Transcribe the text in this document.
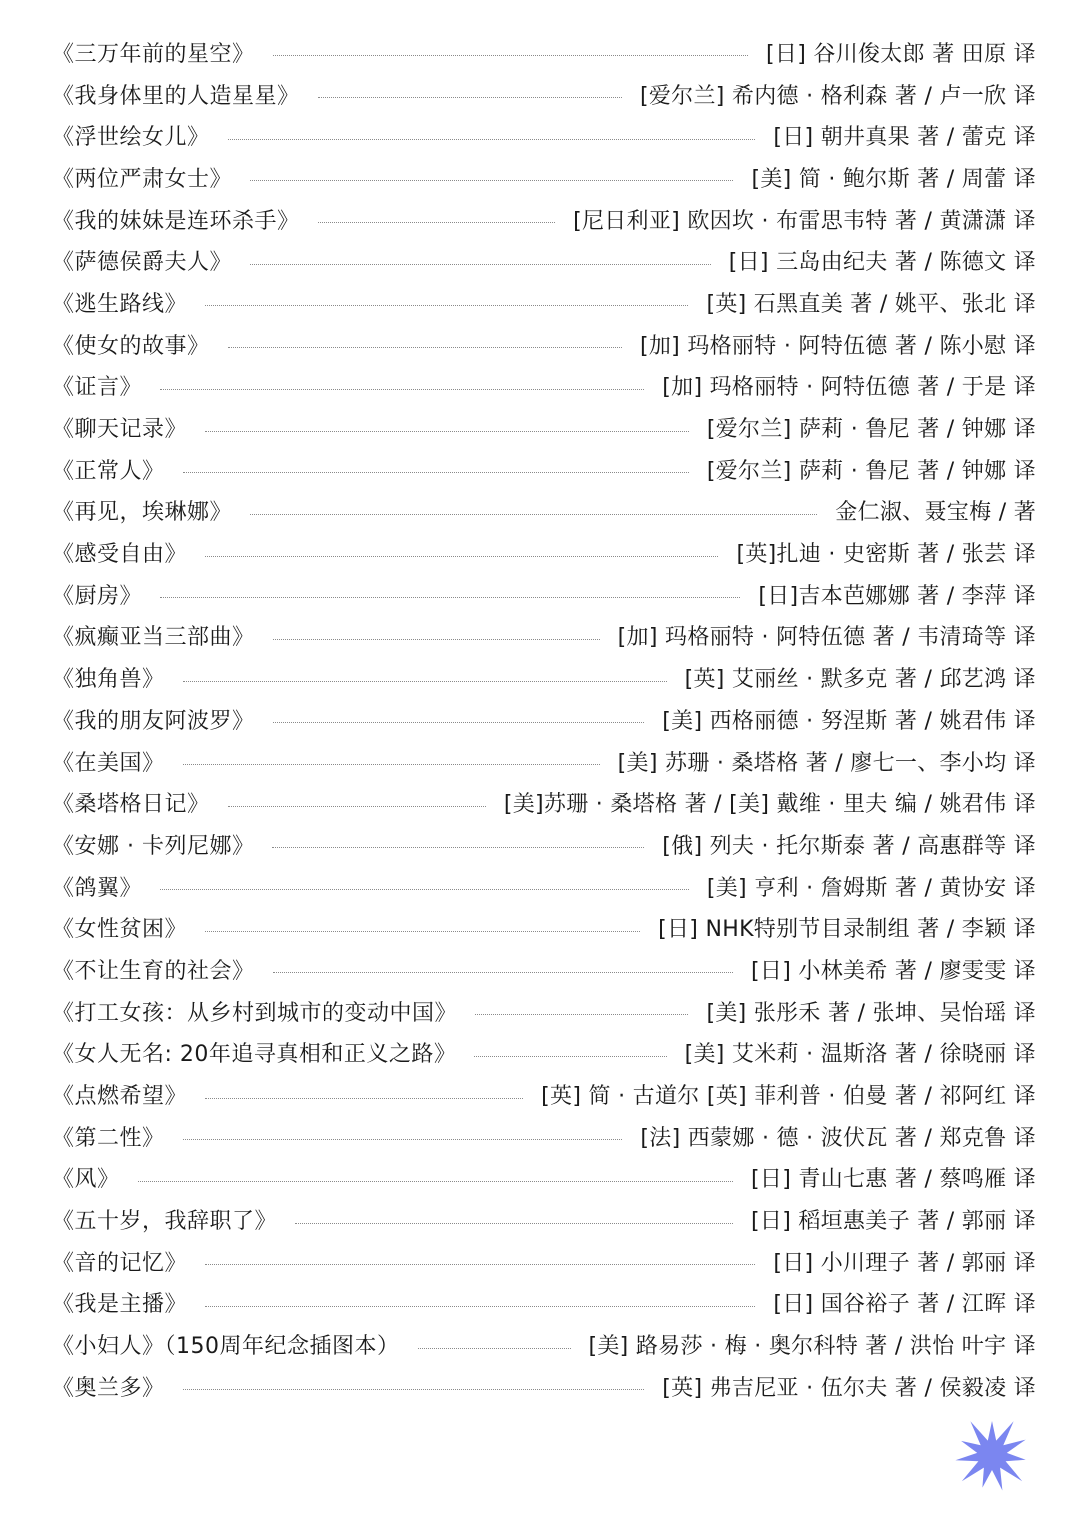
《三万年前的星空》	[日] 谷川俊太郎 著 田原 译
《我身体里的人造星星》	[爱尔兰] 希内德 · 格利森 著 / 卢一欣 译
《浮世绘女儿》	[日] 朝井真果 著 / 蕾克 译
《两位严肃女士》	[美] 简 · 鲍尔斯 著 / 周蕾 译
《我的妹妹是连环杀手》	[尼日利亚] 欧因坎 · 布雷思韦特 著 / 黄潇潇 译
《萨德侯爵夫人》	[日] 三岛由纪夫 著 / 陈德文 译
《逃生路线》	[英] 石黑直美 著 / 姚平、张北 译
《使女的故事》	[加] 玛格丽特 · 阿特伍德 著 / 陈小慰 译
《证言》	[加] 玛格丽特 · 阿特伍德 著 / 于是 译
《聊天记录》	[爱尔兰] 萨莉 · 鲁尼 著 / 钟娜 译
《正常人》	[爱尔兰] 萨莉 · 鲁尼 著 / 钟娜 译
《再见，埃琳娜》	金仁淑、聂宝梅 / 著
《感受自由》	[英]扎迪 · 史密斯 著 / 张芸 译
《厨房》	[日]吉本芭娜娜 著 / 李萍 译
《疯癫亚当三部曲》	[加] 玛格丽特 · 阿特伍德 著 / 韦清琦等 译
《独角兽》	[英] 艾丽丝 · 默多克 著 / 邱艺鸿 译
《我的朋友阿波罗》	[美] 西格丽德 · 努涅斯 著 / 姚君伟 译
《在美国》	[美] 苏珊 · 桑塔格 著 / 廖七一、李小均 译
《桑塔格日记》	[美]苏珊 · 桑塔格 著 / [美] 戴维 · 里夫 编 / 姚君伟 译
《安娜 · 卡列尼娜》	[俄] 列夫 · 托尔斯泰 著 / 高惠群等 译
《鸽翼》	[美] 亨利 · 詹姆斯 著 / 黄协安 译
《女性贫困》	[日] NHK特别节目录制组 著 / 李颖 译
《不让生育的社会》	[日] 小林美希 著 / 廖雯雯 译
《打工女孩：从乡村到城市的变动中国》	[美] 张彤禾 著 / 张坤、吴怡瑶 译
《女人无名: 20年追寻真相和正义之路》	[美] 艾米莉 · 温斯洛 著 / 徐晓丽 译
《点燃希望》	[英] 简 · 古道尔 [英] 菲利普 · 伯曼 著 / 祁阿红 译
《第二性》	[法] 西蒙娜 · 德 · 波伏瓦 著 / 郑克鲁 译
《风》	[日] 青山七惠 著 / 蔡鸣雁 译
《五十岁，我辞职了》	[日] 稻垣惠美子 著 / 郭丽 译
《音的记忆》	[日] 小川理子 著 / 郭丽 译
《我是主播》	[日] 国谷裕子 著 / 江晖 译
《小妇人》（150周年纪念插图本）	[美] 路易莎 · 梅 · 奥尔科特 著 / 洪怡 叶宇 译
《奥兰多》	[英] 弗吉尼亚 · 伍尔夫 著 / 侯毅凌 译
